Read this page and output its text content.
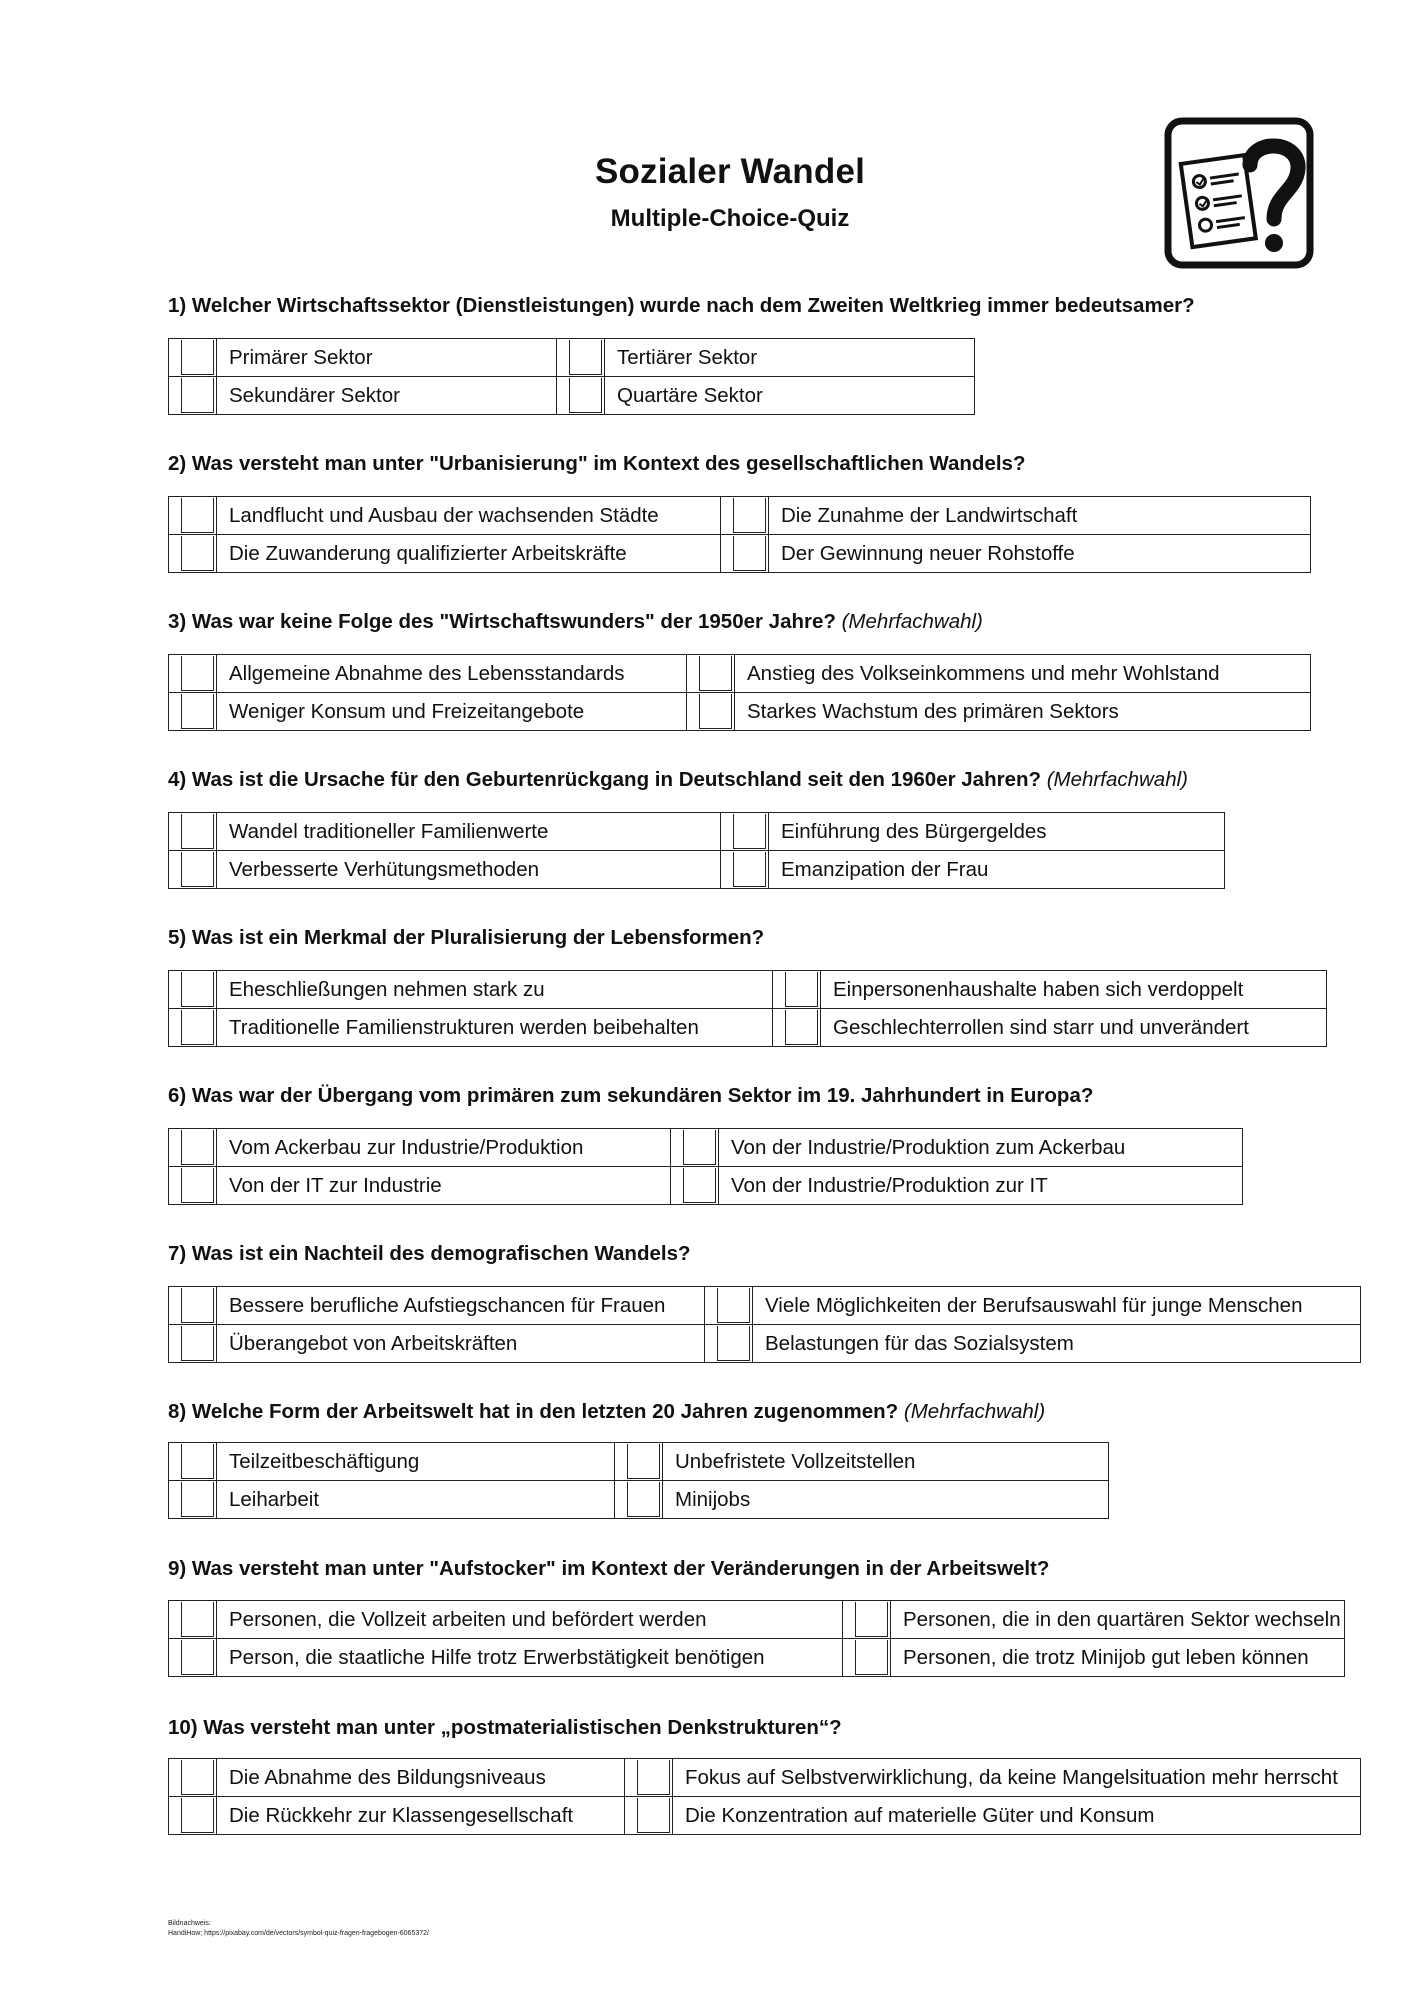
Sozialer Wandel
Multiple-Choice-Quiz
1) Welcher Wirtschaftssektor (Dienstleistungen) wurde nach dem Zweiten Weltkrieg immer bedeutsamer?
	Primärer Sektor		Tertiärer Sektor

	Sekundärer Sektor		Quartäre Sektor
2) Was versteht man unter "Urbanisierung" im Kontext des gesellschaftlichen Wandels?
	Landflucht und Ausbau der wachsenden Städte		Die Zunahme der Landwirtschaft

	Die Zuwanderung qualifizierter Arbeitskräfte		Der Gewinnung neuer Rohstoffe
3) Was war keine Folge des "Wirtschaftswunders" der 1950er Jahre? (Mehrfachwahl)
	Allgemeine Abnahme des Lebensstandards		Anstieg des Volkseinkommens und mehr Wohlstand

	Weniger Konsum und Freizeitangebote		Starkes Wachstum des primären Sektors
4) Was ist die Ursache für den Geburtenrückgang in Deutschland seit den 1960er Jahren? (Mehrfachwahl)
	Wandel traditioneller Familienwerte		Einführung des Bürgergeldes

	Verbesserte Verhütungsmethoden		Emanzipation der Frau
5) Was ist ein Merkmal der Pluralisierung der Lebensformen?
	Eheschließungen nehmen stark zu		Einpersonenhaushalte haben sich verdoppelt

	Traditionelle Familienstrukturen werden beibehalten		Geschlechterrollen sind starr und unverändert
6) Was war der Übergang vom primären zum sekundären Sektor im 19. Jahrhundert in Europa?
	Vom Ackerbau zur Industrie/Produktion		Von der Industrie/Produktion zum Ackerbau

	Von der IT zur Industrie		Von der Industrie/Produktion zur IT
7) Was ist ein Nachteil des demografischen Wandels?
	Bessere berufliche Aufstiegschancen für Frauen		Viele Möglichkeiten der Berufsauswahl für junge Menschen

	Überangebot von Arbeitskräften		Belastungen für das Sozialsystem
8) Welche Form der Arbeitswelt hat in den letzten 20 Jahren zugenommen? (Mehrfachwahl)
	Teilzeitbeschäftigung		Unbefristete Vollzeitstellen

	Leiharbeit		Minijobs
9) Was versteht man unter "Aufstocker" im Kontext der Veränderungen in der Arbeitswelt?
	Personen, die Vollzeit arbeiten und befördert werden		Personen, die in den quartären Sektor wechseln

	Person, die staatliche Hilfe trotz Erwerbstätigkeit benötigen		Personen, die trotz Minijob gut leben können
10) Was versteht man unter „postmaterialistischen Denkstrukturen“?
	Die Abnahme des Bildungsniveaus		Fokus auf Selbstverwirklichung, da keine Mangelsituation mehr herrscht

	Die Rückkehr zur Klassengesellschaft		Die Konzentration auf materielle Güter und Konsum
Bildnachweis:
HandiHow; https://pixabay.com/de/vectors/symbol-quiz-fragen-fragebogen-6065372/
